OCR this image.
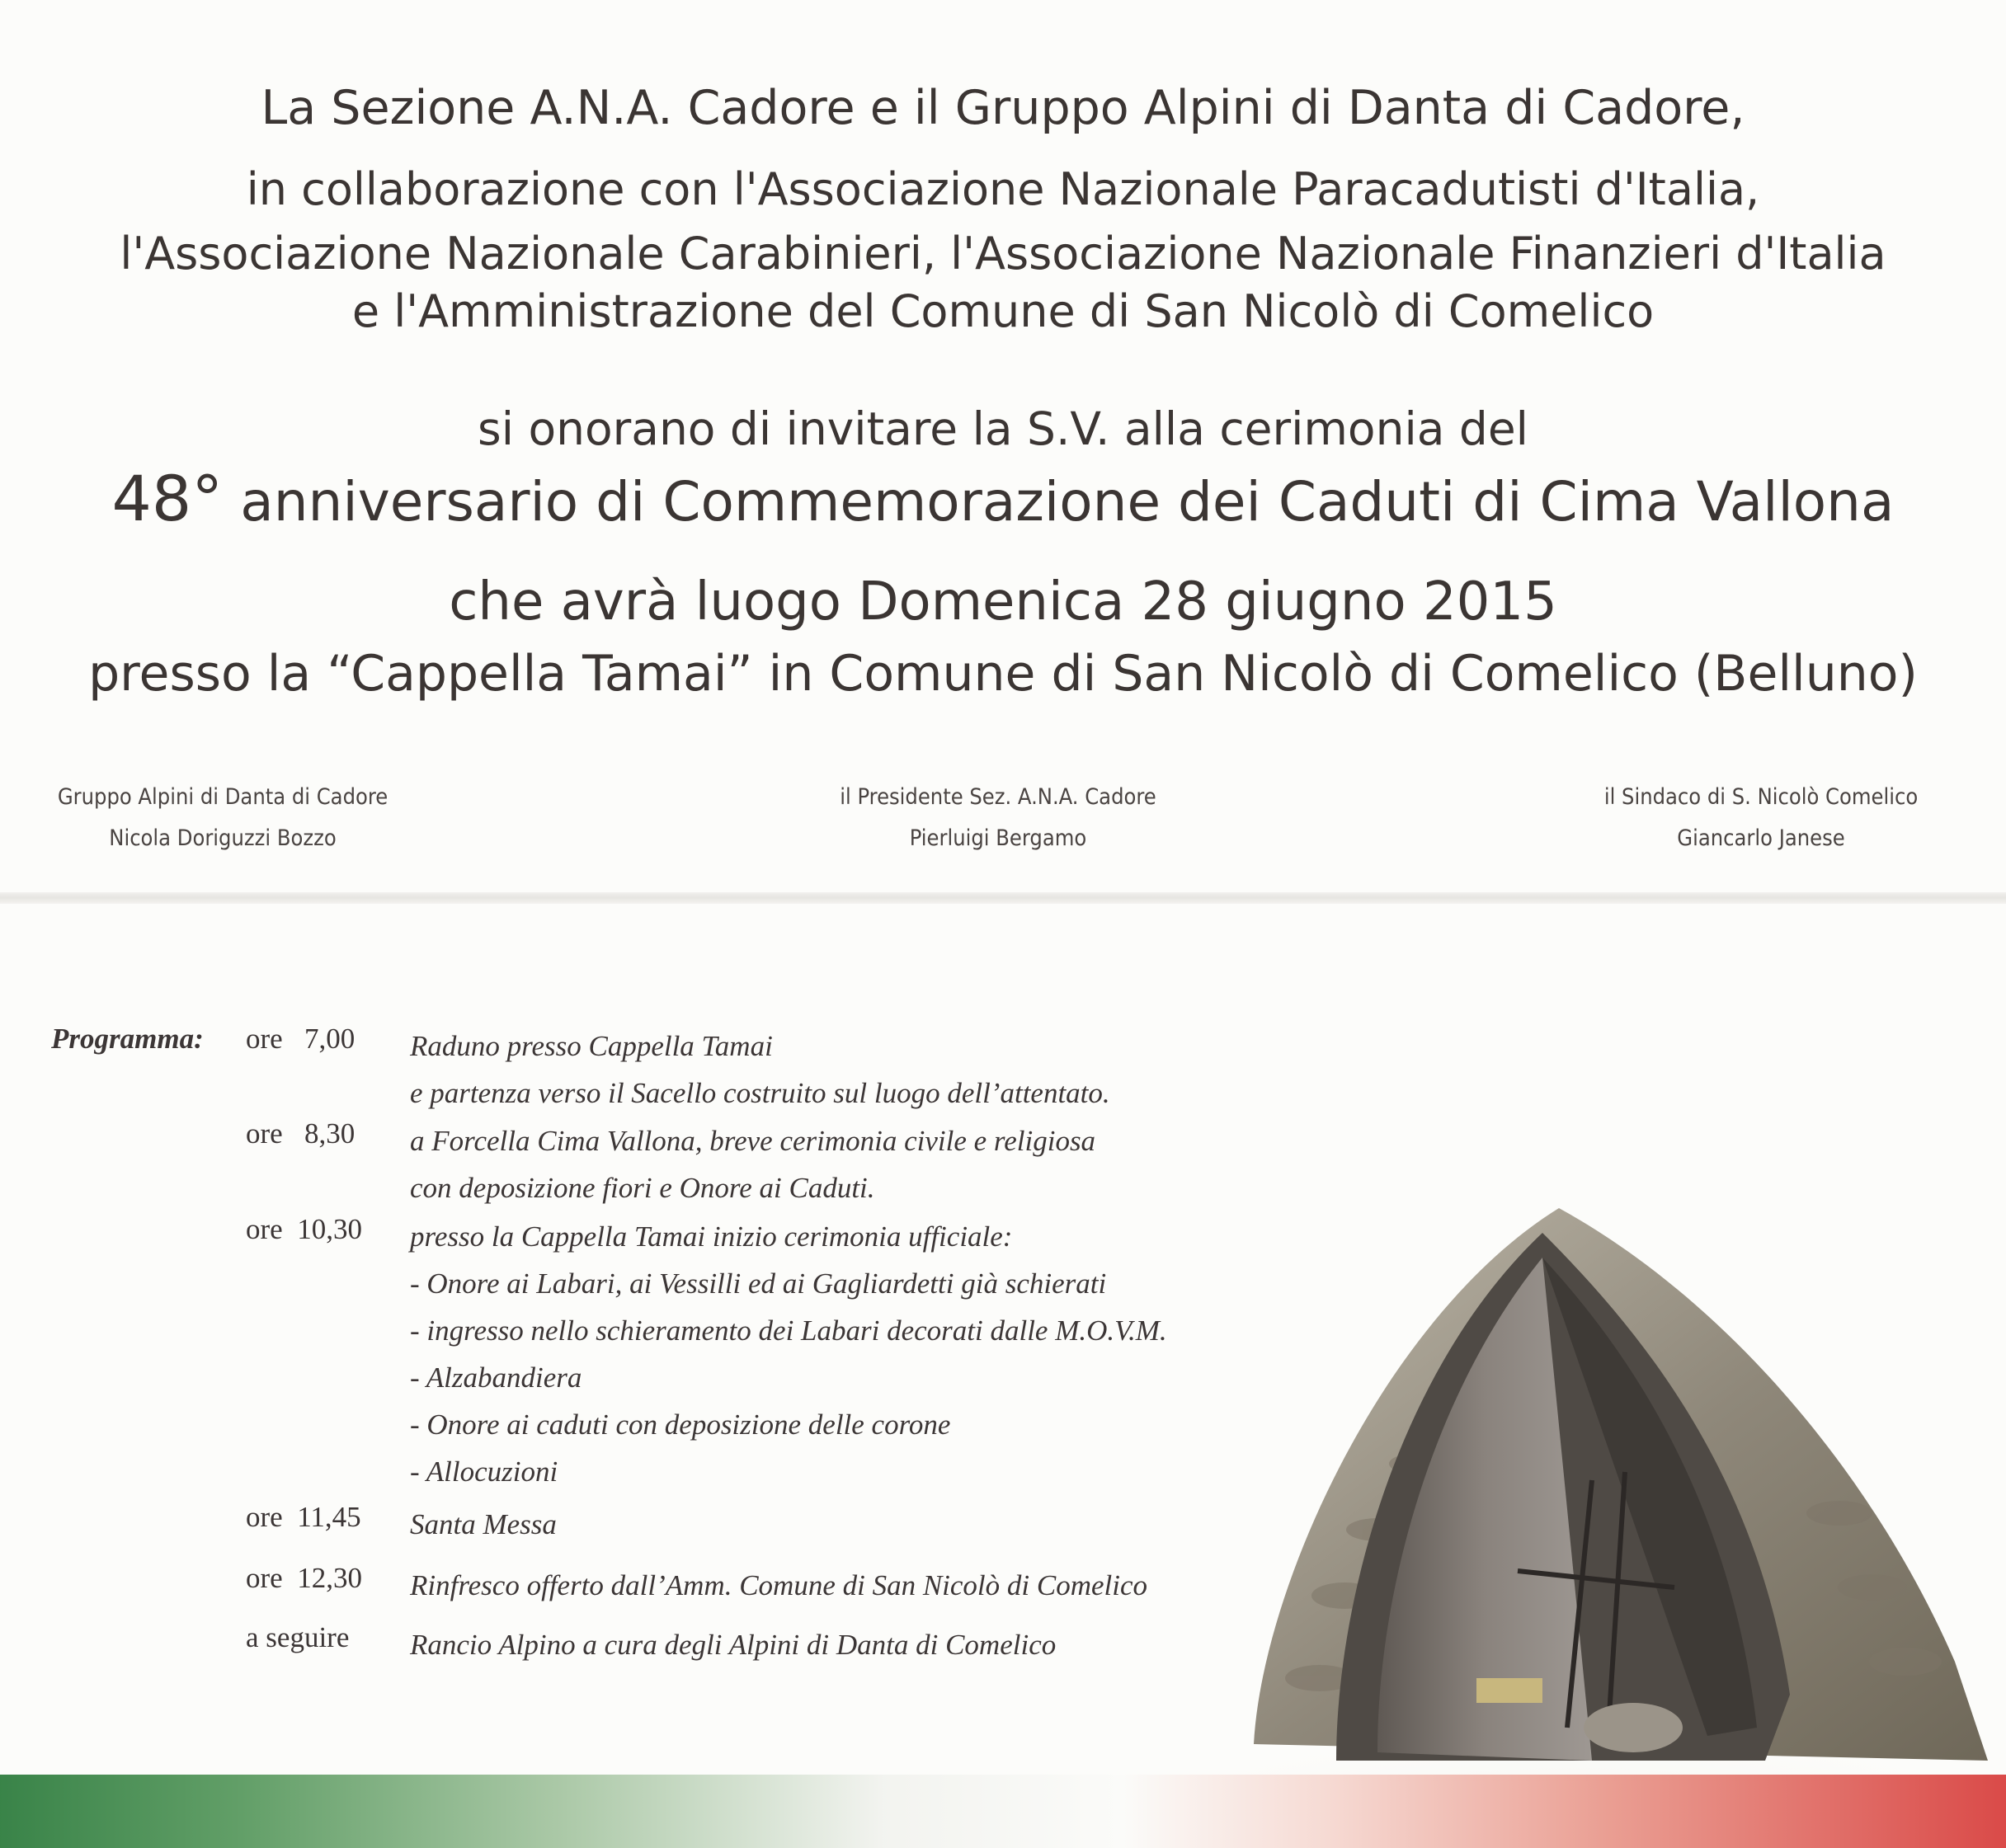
La Sezione A.N.A. Cadore e il Gruppo Alpini di Danta di Cadore,
in collaborazione con l'Associazione Nazionale Paracadutisti d'Italia,
l'Associazione Nazionale Carabinieri, l'Associazione Nazionale Finanzieri d'Italia
e l'Amministrazione del Comune di San Nicolò di Comelico
si onorano di invitare la S.V. alla cerimonia del
48° anniversario di Commemorazione dei Caduti di Cima Vallona
che avrà luogo Domenica 28 giugno 2015
presso la “Cappella Tamai” in Comune di San Nicolò di Comelico (Belluno)
Gruppo Alpini di Danta di Cadore
Nicola Doriguzzi Bozzo
il Presidente Sez. A.N.A. Cadore
Pierluigi Bergamo
il Sindaco di S. Nicolò Comelico
Giancarlo Janese
Programma: ore   7,00	Raduno presso Cappella Tamai
e partenza verso il Sacello costruito sul luogo dell’attentato.
ore   8,30	a Forcella Cima Vallona, breve cerimonia civile e religiosa
con deposizione fiori e Onore ai Caduti.
ore  10,30	presso la Cappella Tamai inizio cerimonia ufficiale:
- Onore ai Labari, ai Vessilli ed ai Gagliardetti già schierati
- ingresso nello schieramento dei Labari decorati dalle M.O.V.M.
- Alzabandiera
- Onore ai caduti con deposizione delle corone
- Allocuzioni
ore  11,45	Santa Messa
ore  12,30	Rinfresco offerto dall’Amm. Comune di San Nicolò di Comelico
a seguire	Rancio Alpino a cura degli Alpini di Danta di Comelico
